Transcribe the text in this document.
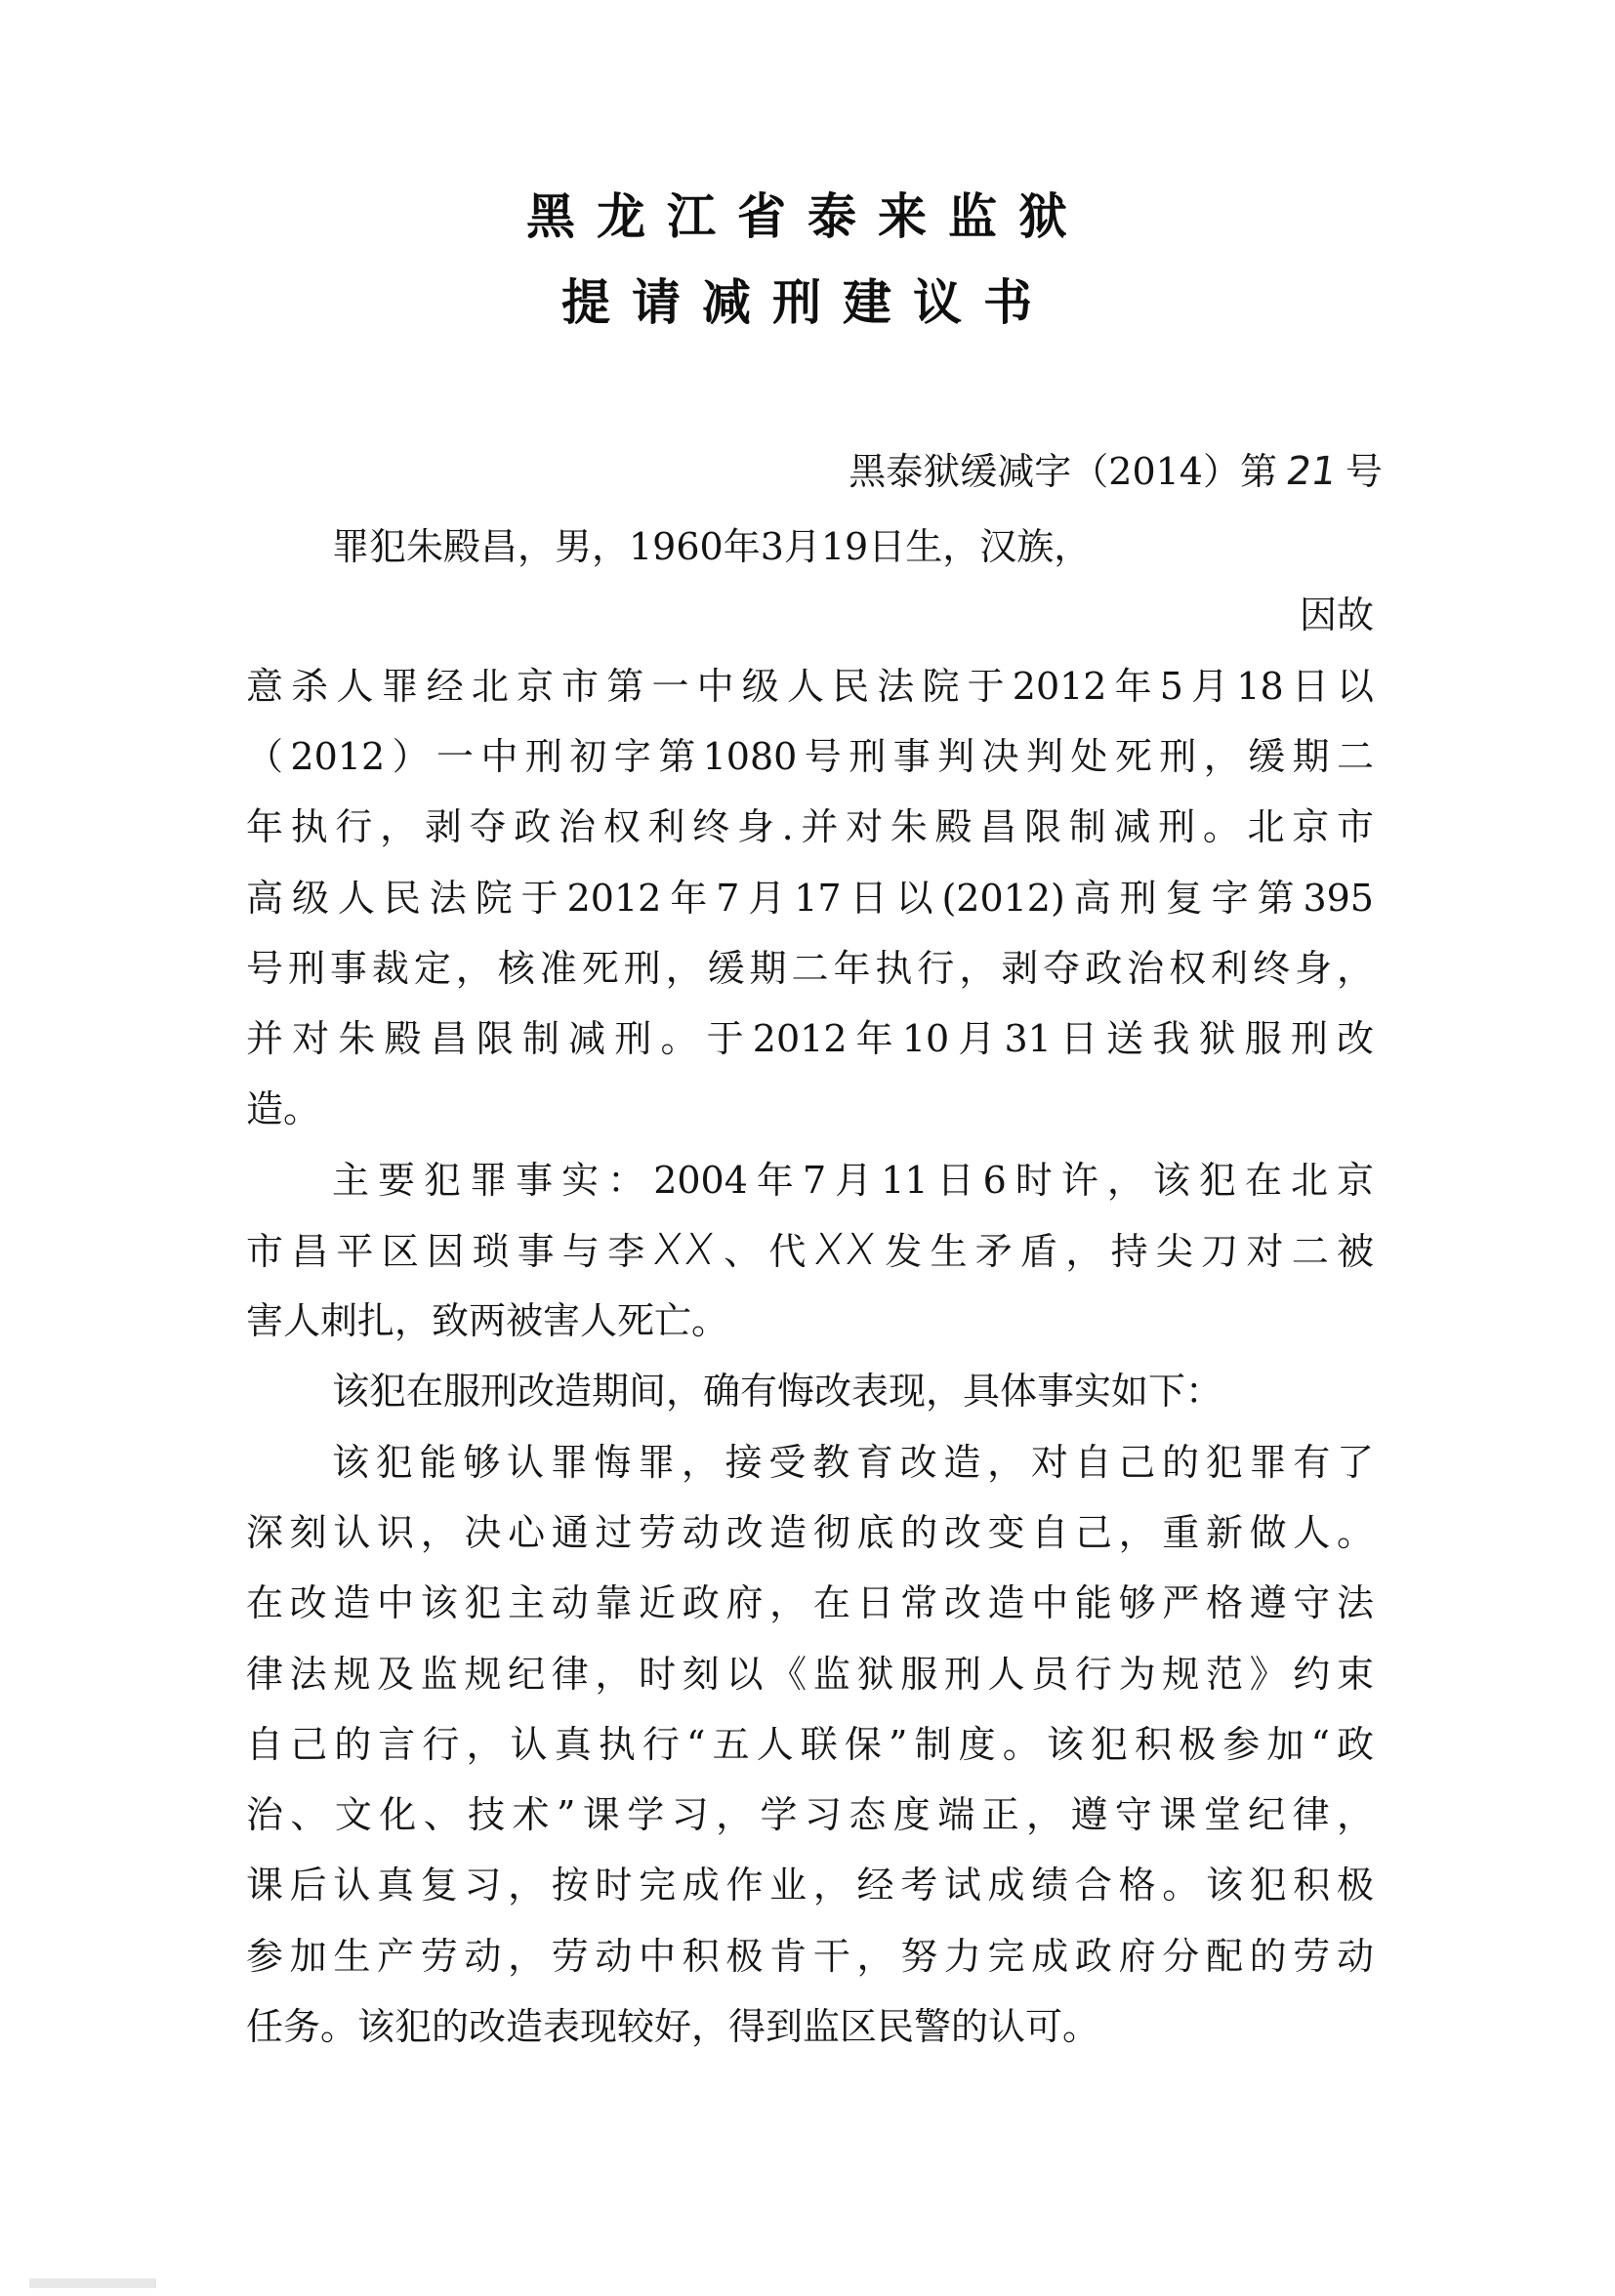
黑龙江省泰来监狱
提请减刑建议书
黑泰狱缓减字（2014）第 21 号
罪犯朱殿昌，男，1960年3月19日生，汉族，
因故
意杀人罪经北京市第一中级人民法院于2012年5月18日以
（2012）一中刑初字第1080号刑事判决判处死刑，缓期二
年执行，剥夺政治权利终身.并对朱殿昌限制减刑。北京市
高级人民法院于2012年7月17日以(2012)高刑复字第395
号刑事裁定，核准死刑，缓期二年执行，剥夺政治权利终身，
并对朱殿昌限制减刑。于2012年10月31日送我狱服刑改
造。
主要犯罪事实：2004年7月11日6时许，该犯在北京
市昌平区因琐事与李XX、代XX发生矛盾，持尖刀对二被
害人刺扎，致两被害人死亡。
该犯在服刑改造期间，确有悔改表现，具体事实如下：
该犯能够认罪悔罪，接受教育改造，对自己的犯罪有了
深刻认识，决心通过劳动改造彻底的改变自己，重新做人。
在改造中该犯主动靠近政府，在日常改造中能够严格遵守法
律法规及监规纪律，时刻以《监狱服刑人员行为规范》约束
自己的言行，认真执行“五人联保”制度。该犯积极参加“政
治、文化、技术”课学习，学习态度端正，遵守课堂纪律，
课后认真复习，按时完成作业，经考试成绩合格。该犯积极
参加生产劳动，劳动中积极肯干，努力完成政府分配的劳动
任务。该犯的改造表现较好，得到监区民警的认可。
